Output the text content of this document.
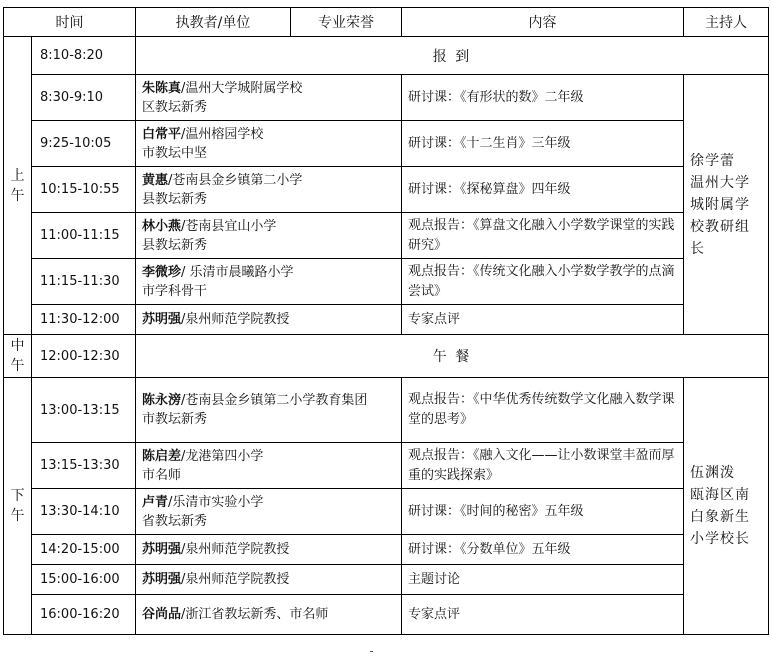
时间		执教者/单位	专业荣誉	内容	主持人

上
午	8:10-8:20	报 到			
	8:30-9:10	朱陈真/温州大学城附属学校
区教坛新秀		研讨课：《有形状的数》二年级	徐学蕾
温州大学
城附属学
校教研组
长

	9:25-10:05	白常平/温州榕园学校
市教坛中坚		研讨课：《十二生肖》三年级	
	10:15-10:55	黄惠/苍南县金乡镇第二小学
县教坛新秀		研讨课：《探秘算盘》四年级	
	11:00-11:15	林小燕/苍南县宜山小学
县教坛新秀		观点报告：《算盘文化融入小学数学课堂的实践研究》	
	11:15-11:30	李微珍/ 乐清市晨曦路小学
市学科骨干		观点报告：《传统文化融入小学数学教学的点滴尝试》	
	11:30-12:00	苏明强/泉州师范学院教授		专家点评	

中
午	12:00-12:30	午 餐			

下
午	13:00-13:15	陈永滂/苍南县金乡镇第二小学教育集团
市教坛新秀		观点报告：《中华优秀传统数学文化融入数学课堂的思考》	伍渊泼
瓯海区南
白象新生
小学校长

	13:15-13:30	陈启差/龙港第四小学
市名师		观点报告：《融入文化——让小数课堂丰盈而厚重的实践探索》	
	13:30-14:10	卢青/乐清市实验小学
省教坛新秀		研讨课：《时间的秘密》五年级	
	14:20-15:00	苏明强/泉州师范学院教授		研讨课：《分数单位》五年级	
	15:00-16:00	苏明强/泉州师范学院教授		主题讨论	
	16:00-16:20	谷尚品/浙江省教坛新秀、市名师		专家点评	
